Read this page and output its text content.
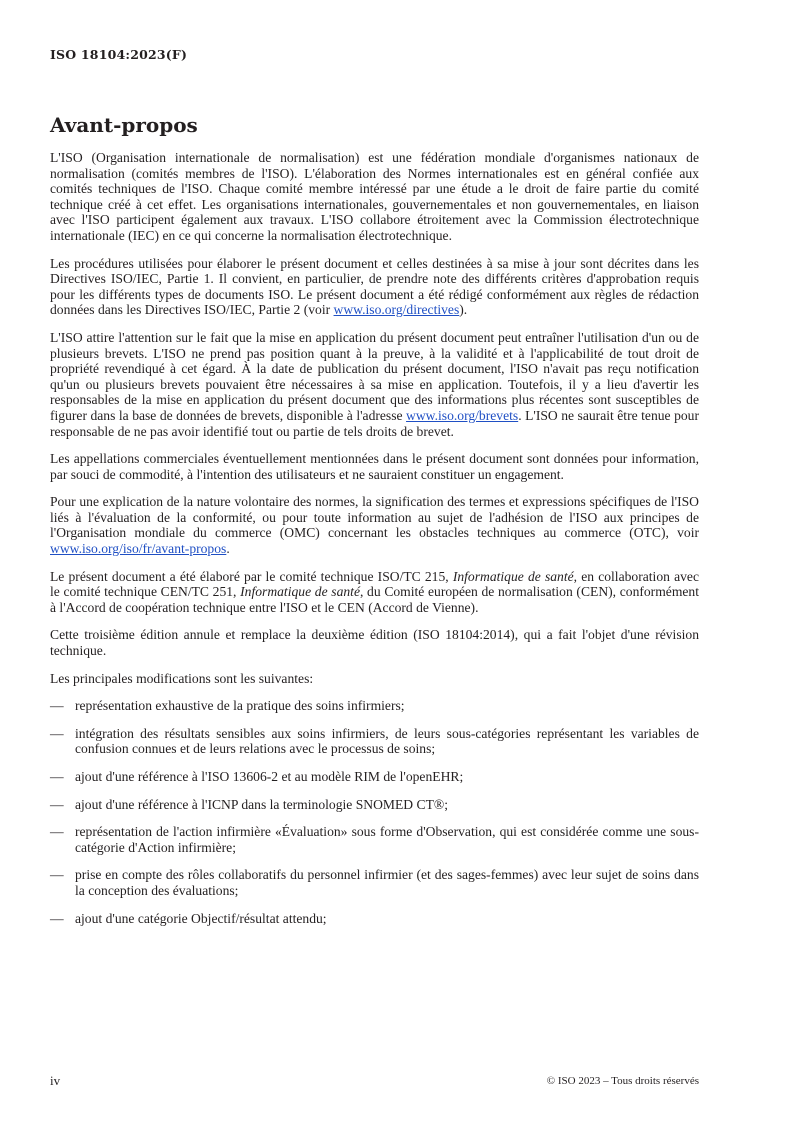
ISO 18104:2023(F)
Avant-propos

L'ISO (Organisation internationale de normalisation) est une fédération mondiale d'organismes nationaux de normalisation (comités membres de l'ISO). L'élaboration des Normes internationales est en général confiée aux comités techniques de l'ISO. Chaque comité membre intéressé par une étude a le droit de faire partie du comité technique créé à cet effet. Les organisations internationales, gouvernementales et non gouvernementales, en liaison avec l'ISO participent également aux travaux. L'ISO collabore étroitement avec la Commission électrotechnique internationale (IEC) en ce qui concerne la normalisation électrotechnique.

Les procédures utilisées pour élaborer le présent document et celles destinées à sa mise à jour sont décrites dans les Directives ISO/IEC, Partie 1. Il convient, en particulier, de prendre note des différents critères d'approbation requis pour les différents types de documents ISO. Le présent document a été rédigé conformément aux règles de rédaction données dans les Directives ISO/IEC, Partie 2 (voir www.iso.org/directives).

L'ISO attire l'attention sur le fait que la mise en application du présent document peut entraîner l'utilisation d'un ou de plusieurs brevets. L'ISO ne prend pas position quant à la preuve, à la validité et à l'applicabilité de tout droit de propriété revendiqué à cet égard. À la date de publication du présent document, l'ISO n'avait pas reçu notification qu'un ou plusieurs brevets pouvaient être nécessaires à sa mise en application. Toutefois, il y a lieu d'avertir les responsables de la mise en application du présent document que des informations plus récentes sont susceptibles de figurer dans la base de données de brevets, disponible à l'adresse www.iso.org/brevets. L'ISO ne saurait être tenue pour responsable de ne pas avoir identifié tout ou partie de tels droits de brevet.

Les appellations commerciales éventuellement mentionnées dans le présent document sont données pour information, par souci de commodité, à l'intention des utilisateurs et ne sauraient constituer un engagement.

Pour une explication de la nature volontaire des normes, la signification des termes et expressions spécifiques de l'ISO liés à l'évaluation de la conformité, ou pour toute information au sujet de l'adhésion de l'ISO aux principes de l'Organisation mondiale du commerce (OMC) concernant les obstacles techniques au commerce (OTC), voir www.iso.org/iso/fr/avant-propos.

Le présent document a été élaboré par le comité technique ISO/TC 215, Informatique de santé, en collaboration avec le comité technique CEN/TC 251, Informatique de santé, du Comité européen de normalisation (CEN), conformément à l'Accord de coopération technique entre l'ISO et le CEN (Accord de Vienne).

Cette troisième édition annule et remplace la deuxième édition (ISO 18104:2014), qui a fait l'objet d'une révision technique.

Les principales modifications sont les suivantes:

— représentation exhaustive de la pratique des soins infirmiers;
— intégration des résultats sensibles aux soins infirmiers, de leurs sous-catégories représentant les variables de confusion connues et de leurs relations avec le processus de soins;
— ajout d'une référence à l'ISO 13606-2 et au modèle RIM de l'openEHR;
— ajout d'une référence à l'ICNP dans la terminologie SNOMED CT®;
— représentation de l'action infirmière «Évaluation» sous forme d'Observation, qui est considérée comme une sous-catégorie d'Action infirmière;
— prise en compte des rôles collaboratifs du personnel infirmier (et des sages-femmes) avec leur sujet de soins dans la conception des évaluations;
— ajout d'une catégorie Objectif/résultat attendu;
iv	© ISO 2023 – Tous droits réservés
